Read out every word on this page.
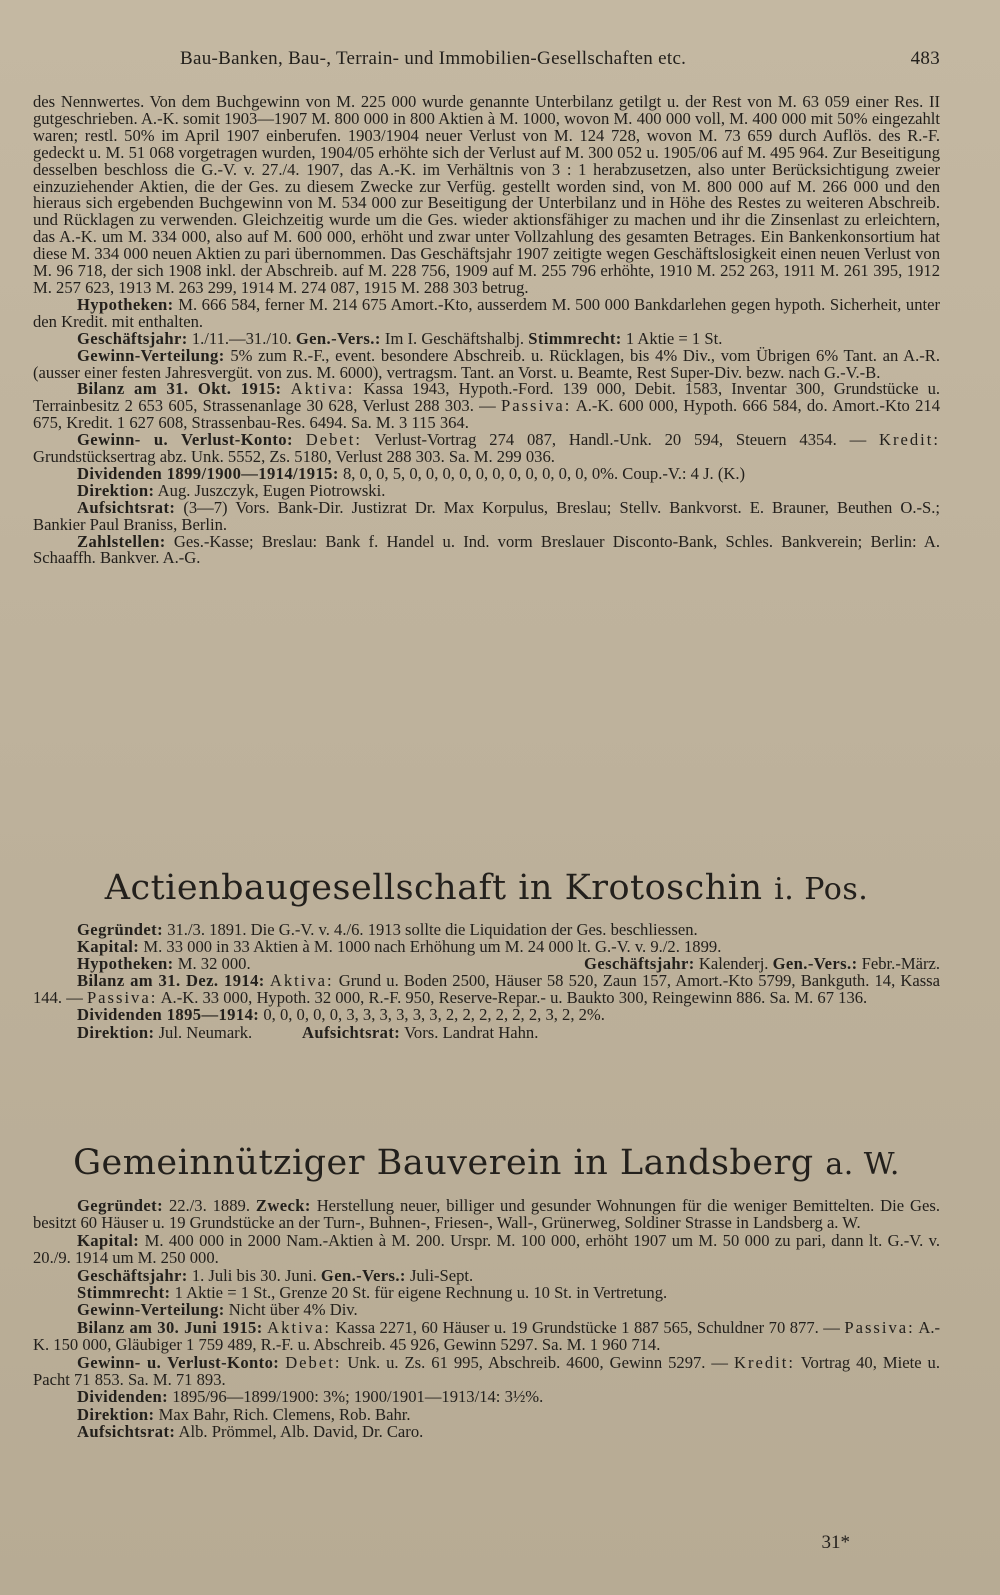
Bau-Banken, Bau-, Terrain- und Immobilien-Gesellschaften etc.	483

des Nennwertes. Von dem Buchgewinn von M. 225 000 wurde genannte Unterbilanz getilgt u. der Rest von M. 63 059 einer Res. II gutgeschrieben. A.-K. somit 1903—1907 M. 800 000 in 800 Aktien à M. 1000, wovon M. 400 000 voll, M. 400 000 mit 50% eingezahlt waren; restl. 50% im April 1907 einberufen. 1903/1904 neuer Verlust von M. 124 728, wovon M. 73 659 durch Auflös. des R.-F. gedeckt u. M. 51 068 vorgetragen wurden, 1904/05 erhöhte sich der Verlust auf M. 300 052 u. 1905/06 auf M. 495 964. Zur Beseitigung desselben beschloss die G.-V. v. 27./4. 1907, das A.-K. im Verhältnis von 3 : 1 herabzusetzen, also unter Berücksichtigung zweier einzuziehender Aktien, die der Ges. zu diesem Zwecke zur Verfüg. gestellt worden sind, von M. 800 000 auf M. 266 000 und den hieraus sich ergebenden Buchgewinn von M. 534 000 zur Beseitigung der Unterbilanz und in Höhe des Restes zu weiteren Abschreib. und Rücklagen zu verwenden. Gleichzeitig wurde um die Ges. wieder aktionsfähiger zu machen und ihr die Zinsenlast zu erleichtern, das A.-K. um M. 334 000, also auf M. 600 000, erhöht und zwar unter Vollzahlung des gesamten Betrages. Ein Bankenkonsortium hat diese M. 334 000 neuen Aktien zu pari übernommen. Das Geschäftsjahr 1907 zeitigte wegen Geschäftslosigkeit einen neuen Verlust von M. 96 718, der sich 1908 inkl. der Abschreib. auf M. 228 756, 1909 auf M. 255 796 erhöhte, 1910 M. 252 263, 1911 M. 261 395, 1912 M. 257 623, 1913 M. 263 299, 1914 M. 274 087, 1915 M. 288 303 betrug.

Hypotheken: M. 666 584, ferner M. 214 675 Amort.-Kto, ausserdem M. 500 000 Bankdarlehen gegen hypoth. Sicherheit, unter den Kredit. mit enthalten.

Geschäftsjahr: 1./11.—31./10. Gen.-Vers.: Im I. Geschäftshalbj. Stimmrecht: 1 Aktie = 1 St.

Gewinn-Verteilung: 5% zum R.-F., event. besondere Abschreib. u. Rücklagen, bis 4% Div., vom Übrigen 6% Tant. an A.-R. (ausser einer festen Jahresvergüt. von zus. M. 6000), vertragsm. Tant. an Vorst. u. Beamte, Rest Super-Div. bezw. nach G.-V.-B.

Bilanz am 31. Okt. 1915: Aktiva: Kassa 1943, Hypoth.-Ford. 139 000, Debit. 1583, Inventar 300, Grundstücke u. Terrainbesitz 2 653 605, Strassenanlage 30 628, Verlust 288 303. — Passiva: A.-K. 600 000, Hypoth. 666 584, do. Amort.-Kto 214 675, Kredit. 1 627 608, Strassenbau-Res. 6494. Sa. M. 3 115 364.

Gewinn- u. Verlust-Konto: Debet: Verlust-Vortrag 274 087, Handl.-Unk. 20 594, Steuern 4354. — Kredit: Grundstücksertrag abz. Unk. 5552, Zs. 5180, Verlust 288 303. Sa. M. 299 036.

Dividenden 1899/1900—1914/1915: 8, 0, 0, 5, 0, 0, 0, 0, 0, 0, 0, 0, 0, 0, 0, 0%. Coup.-V.: 4 J. (K.)

Direktion: Aug. Juszczyk, Eugen Piotrowski.

Aufsichtsrat: (3—7) Vors. Bank-Dir. Justizrat Dr. Max Korpulus, Breslau; Stellv. Bankvorst. E. Brauner, Beuthen O.-S.; Bankier Paul Braniss, Berlin.

Zahlstellen: Ges.-Kasse; Breslau: Bank f. Handel u. Ind. vorm Breslauer Disconto-Bank, Schles. Bankverein; Berlin: A. Schaaffh. Bankver. A.-G.

Actienbaugesellschaft in Krotoschin i. Pos.

Gegründet: 31./3. 1891. Die G.-V. v. 4./6. 1913 sollte die Liquidation der Ges. beschliessen.

Kapital: M. 33 000 in 33 Aktien à M. 1000 nach Erhöhung um M. 24 000 lt. G.-V. v. 9./2. 1899.

Hypotheken: M. 32 000.	Geschäftsjahr: Kalenderj. Gen.-Vers.: Febr.-März.

Bilanz am 31. Dez. 1914: Aktiva: Grund u. Boden 2500, Häuser 58 520, Zaun 157, Amort.-Kto 5799, Bankguth. 14, Kassa 144. — Passiva: A.-K. 33 000, Hypoth. 32 000, R.-F. 950, Reserve-Repar.- u. Baukto 300, Reingewinn 886. Sa. M. 67 136.

Dividenden 1895—1914: 0, 0, 0, 0, 0, 3, 3, 3, 3, 3, 3, 2, 2, 2, 2, 2, 2, 3, 2, 2%.

Direktion: Jul. Neumark.	Aufsichtsrat: Vors. Landrat Hahn.

Gemeinnütziger Bauverein in Landsberg a. W.

Gegründet: 22./3. 1889. Zweck: Herstellung neuer, billiger und gesunder Wohnungen für die weniger Bemittelten. Die Ges. besitzt 60 Häuser u. 19 Grundstücke an der Turn-, Buhnen-, Friesen-, Wall-, Grünerweg, Soldiner Strasse in Landsberg a. W.

Kapital: M. 400 000 in 2000 Nam.-Aktien à M. 200. Urspr. M. 100 000, erhöht 1907 um M. 50 000 zu pari, dann lt. G.-V. v. 20./9. 1914 um M. 250 000.

Geschäftsjahr: 1. Juli bis 30. Juni. Gen.-Vers.: Juli-Sept.

Stimmrecht: 1 Aktie = 1 St., Grenze 20 St. für eigene Rechnung u. 10 St. in Vertretung.

Gewinn-Verteilung: Nicht über 4% Div.

Bilanz am 30. Juni 1915: Aktiva: Kassa 2271, 60 Häuser u. 19 Grundstücke 1 887 565, Schuldner 70 877. — Passiva: A.-K. 150 000, Gläubiger 1 759 489, R.-F. u. Abschreib. 45 926, Gewinn 5297. Sa. M. 1 960 714.

Gewinn- u. Verlust-Konto: Debet: Unk. u. Zs. 61 995, Abschreib. 4600, Gewinn 5297. — Kredit: Vortrag 40, Miete u. Pacht 71 853. Sa. M. 71 893.

Dividenden: 1895/96—1899/1900: 3%; 1900/1901—1913/14: 3½%.

Direktion: Max Bahr, Rich. Clemens, Rob. Bahr.

Aufsichtsrat: Alb. Prömmel, Alb. David, Dr. Caro.

31*
